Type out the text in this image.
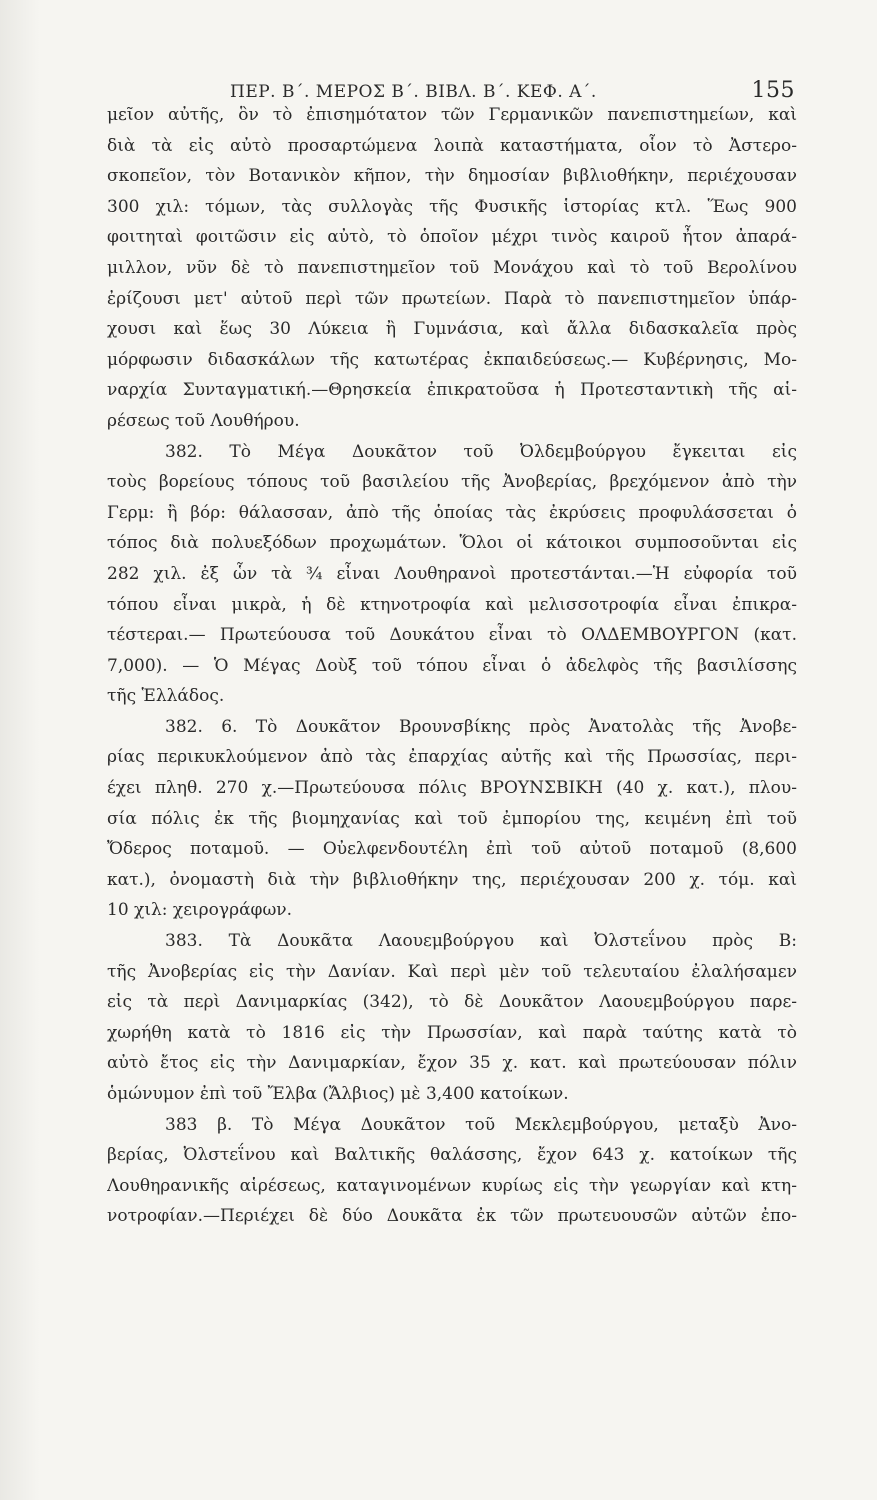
ΠΕΡ. Β΄. ΜΕΡΟΣ Β΄. ΒΙΒΛ. Β΄. ΚΕΦ. Α΄.	155
μεῖον αὐτῆς, ὃν τὸ ἐπισημότατον τῶν Γερμανικῶν πανεπιστημείων, καὶ
διὰ τὰ εἰς αὐτὸ προσαρτώμενα λοιπὰ καταστήματα, οἷον τὸ Ἀστερο-
σκοπεῖον, τὸν Βοτανικὸν κῆπον, τὴν δημοσίαν βιβλιοθήκην, περιέχουσαν
300 χιλ: τόμων, τὰς συλλογὰς τῆς Φυσικῆς ἱστορίας κτλ. Ἕως 900
φοιτηταὶ φοιτῶσιν εἰς αὐτὸ, τὸ ὁποῖον μέχρι τινὸς καιροῦ ἦτον ἀπαρά-
μιλλον, νῦν δὲ τὸ πανεπιστημεῖον τοῦ Μονάχου καὶ τὸ τοῦ Βερολίνου
ἐρίζουσι μετ' αὐτοῦ περὶ τῶν πρωτείων. Παρὰ τὸ πανεπιστημεῖον ὑπάρ-
χουσι καὶ ἕως 30 Λύκεια ἢ Γυμνάσια, καὶ ἄλλα διδασκαλεῖα πρὸς
μόρφωσιν διδασκάλων τῆς κατωτέρας ἐκπαιδεύσεως.— Κυβέρνησις, Μο-
ναρχία Συνταγματική.—Θρησκεία ἐπικρατοῦσα ἡ Προτεσταντικὴ τῆς αἱ-
ρέσεως τοῦ Λουθήρου.
382. Τὸ Μέγα Δουκᾶτον τοῦ Ὀλδεμβούργου ἔγκειται εἰς
τοὺς βορείους τόπους τοῦ βασιλείου τῆς Ἀνοβερίας, βρεχόμενον ἀπὸ τὴν
Γερμ: ἢ βόρ: θάλασσαν, ἀπὸ τῆς ὁποίας τὰς ἐκρύσεις προφυλάσσεται ὁ
τόπος διὰ πολυεξόδων προχωμάτων. Ὅλοι οἱ κάτοικοι συμποσοῦνται εἰς
282 χιλ. ἐξ ὧν τὰ ¾ εἶναι Λουθηρανοὶ προτεστάνται.—Ἡ εὐφορία τοῦ
τόπου εἶναι μικρὰ, ἡ δὲ κτηνοτροφία καὶ μελισσοτροφία εἶναι ἐπικρα-
τέστεραι.— Πρωτεύουσα τοῦ Δουκάτου εἶναι τὸ ΟΛΔΕΜΒΟΥΡΓΟΝ (κατ.
7,000). — Ὁ Μέγας Δοὺξ τοῦ τόπου εἶναι ὁ ἀδελφὸς τῆς βασιλίσσης
τῆς Ἑλλάδος.
382. 6. Τὸ Δουκᾶτον Βρουνσβίκης πρὸς Ἀνατολὰς τῆς Ἀνοβε-
ρίας περικυκλούμενον ἀπὸ τὰς ἐπαρχίας αὐτῆς καὶ τῆς Πρωσσίας, περι-
έχει πληθ. 270 χ.—Πρωτεύουσα πόλις ΒΡΟΥΝΣΒΙΚΗ (40 χ. κατ.), πλου-
σία πόλις ἐκ τῆς βιομηχανίας καὶ τοῦ ἐμπορίου της, κειμένη ἐπὶ τοῦ
Ὄδερος ποταμοῦ. — Οὐελφενδουτέλη ἐπὶ τοῦ αὐτοῦ ποταμοῦ (8,600
κατ.), ὀνομαστὴ διὰ τὴν βιβλιοθήκην της, περιέχουσαν 200 χ. τόμ. καὶ
10 χιλ: χειρογράφων.
383. Τὰ Δουκᾶτα Λαουεμβούργου καὶ Ὀλστεΐνου πρὸς Β:
τῆς Ἀνοβερίας εἰς τὴν Δανίαν. Καὶ περὶ μὲν τοῦ τελευταίου ἐλαλήσαμεν
εἰς τὰ περὶ Δανιμαρκίας (342), τὸ δὲ Δουκᾶτον Λαουεμβούργου παρε-
χωρήθη κατὰ τὸ 1816 εἰς τὴν Πρωσσίαν, καὶ παρὰ ταύτης κατὰ τὸ
αὐτὸ ἔτος εἰς τὴν Δανιμαρκίαν, ἔχον 35 χ. κατ. καὶ πρωτεύουσαν πόλιν
ὁμώνυμον ἐπὶ τοῦ Ἔλβα (Ἄλβιος) μὲ 3,400 κατοίκων.
383 β. Τὸ Μέγα Δουκᾶτον τοῦ Μεκλεμβούργου, μεταξὺ Ἀνο-
βερίας, Ὀλστεΐνου καὶ Βαλτικῆς θαλάσσης, ἔχον 643 χ. κατοίκων τῆς
Λουθηρανικῆς αἱρέσεως, καταγινομένων κυρίως εἰς τὴν γεωργίαν καὶ κτη-
νοτροφίαν.—Περιέχει δὲ δύο Δουκᾶτα ἐκ τῶν πρωτευουσῶν αὐτῶν ἐπο-
